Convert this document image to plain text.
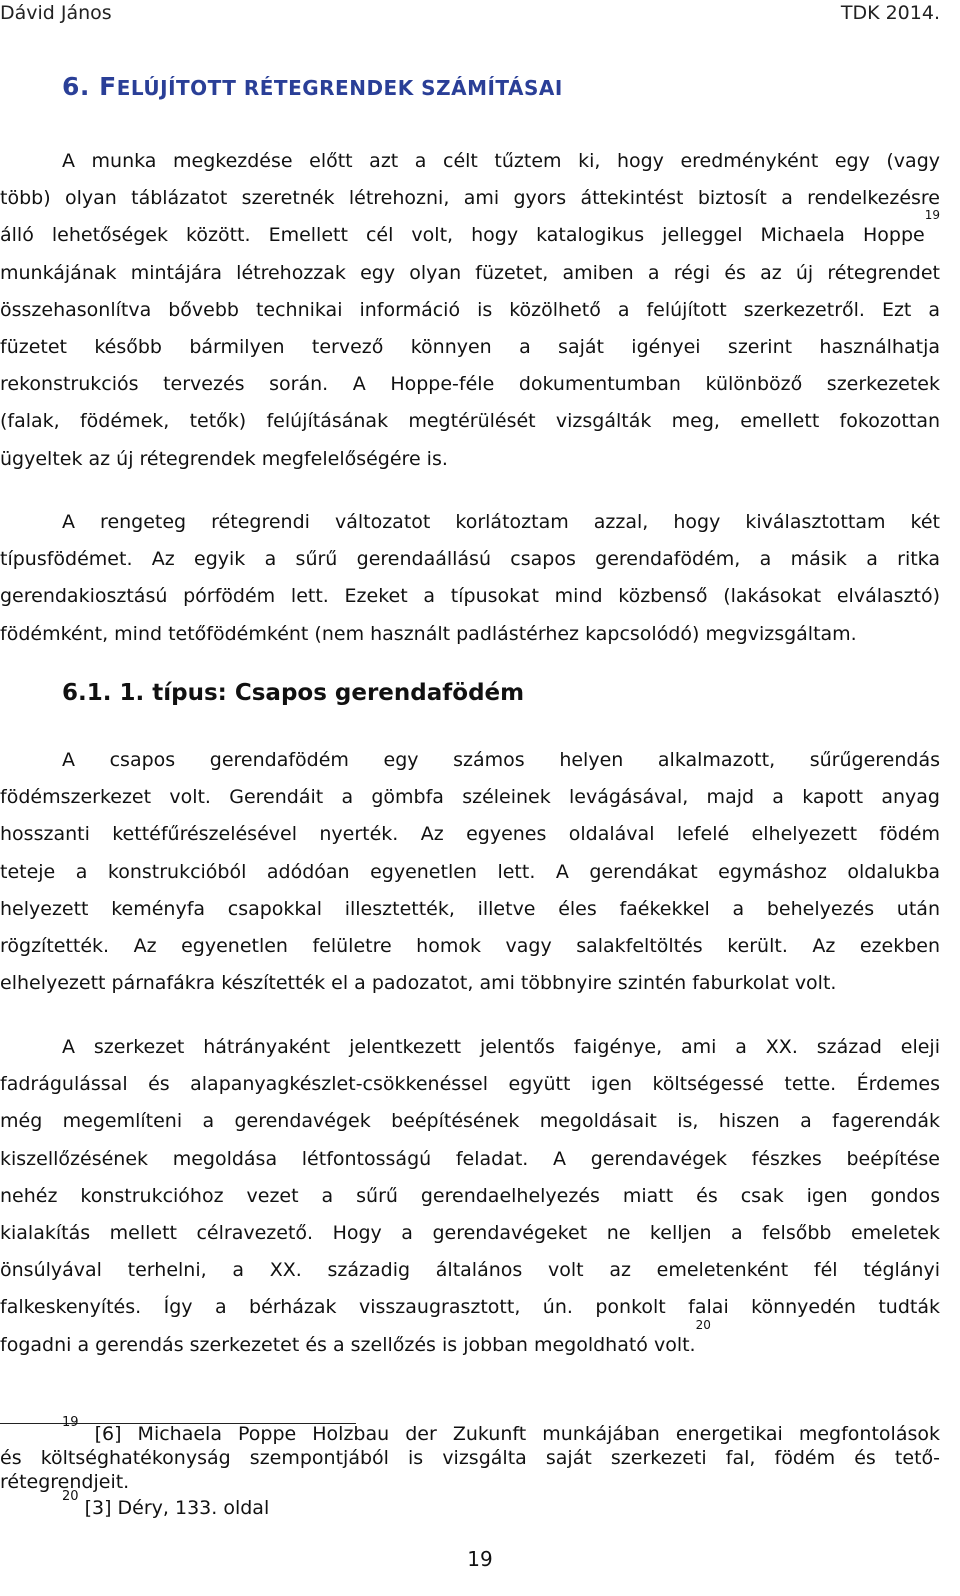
Dávid János	TDK 2014.
6. FELÚJÍTOTT RÉTEGRENDEK SZÁMÍTÁSAI
A munka megkezdése előtt azt a célt tűztem ki, hogy eredményként egy (vagy
több) olyan táblázatot szeretnék létrehozni, ami gyors áttekintést biztosít a rendelkezésre
álló lehetőségek között. Emellett cél volt, hogy katalogikus jelleggel Michaela Hoppe$^{19}$
munkájának mintájára létrehozzak egy olyan füzetet, amiben a régi és az új rétegrendet
összehasonlítva bővebb technikai információ is közölhető a felújított szerkezetről. Ezt a
füzetet később bármilyen tervező könnyen a saját igényei szerint használhatja
rekonstrukciós tervezés során. A Hoppe-féle dokumentumban különböző szerkezetek
(falak, födémek, tetők) felújításának megtérülését vizsgálták meg, emellett fokozottan
ügyeltek az új rétegrendek megfelelőségére is.
A rengeteg rétegrendi változatot korlátoztam azzal, hogy kiválasztottam két
típusfödémet. Az egyik a sűrű gerendaállású csapos gerendafödém, a másik a ritka
gerendakiosztású pórfödém lett. Ezeket a típusokat mind közbenső (lakásokat elválasztó)
födémként, mind tetőfödémként (nem használt padlástérhez kapcsolódó) megvizsgáltam.
6.1. 1. típus: Csapos gerendafödém
A csapos gerendafödém egy számos helyen alkalmazott, sűrűgerendás
födémszerkezet volt. Gerendáit a gömbfa széleinek levágásával, majd a kapott anyag
hosszanti kettéfűrészelésével nyerték. Az egyenes oldalával lefelé elhelyezett födém
teteje a konstrukcióból adódóan egyenetlen lett. A gerendákat egymáshoz oldalukba
helyezett keményfa csapokkal illesztették, illetve éles faékekkel a behelyezés után
rögzítették. Az egyenetlen felületre homok vagy salakfeltöltés került. Az ezekben
elhelyezett párnafákra készítették el a padozatot, ami többnyire szintén faburkolat volt.
A szerkezet hátrányaként jelentkezett jelentős faigénye, ami a XX. század eleji
fadrágulással és alapanyagkészlet-csökkenéssel együtt igen költségessé tette. Érdemes
még megemlíteni a gerendavégek beépítésének megoldásait is, hiszen a fagerendák
kiszellőzésének megoldása létfontosságú feladat. A gerendavégek fészkes beépítése
nehéz konstrukcióhoz vezet a sűrű gerendaelhelyezés miatt és csak igen gondos
kialakítás mellett célravezető. Hogy a gerendavégeket ne kelljen a felsőbb emeletek
önsúlyával terhelni, a XX. századig általános volt az emeletenként fél téglányi
falkeskenyítés. Így a bérházak visszaugrasztott, ún. ponkolt falai könnyedén tudták
fogadni a gerendás szerkezetet és a szellőzés is jobban megoldható volt.$^{20}$
$^{19}$ [6] Michaela Poppe Holzbau der Zukunft munkájában energetikai megfontolások
és költséghatékonyság szempontjából is vizsgálta saját szerkezeti fal, födém és tető-
rétegrendjeit.
$^{20}$ [3] Déry, 133. oldal
19
